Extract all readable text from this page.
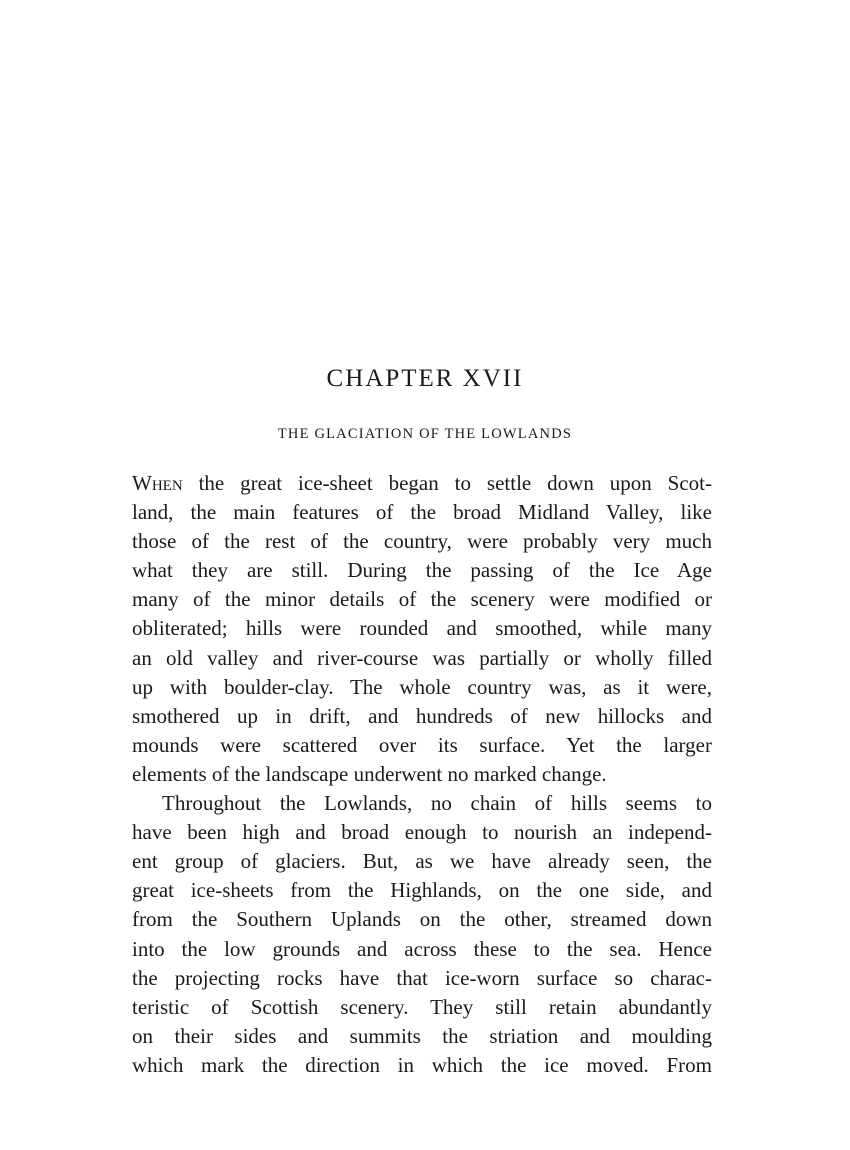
CHAPTER XVII
THE GLACIATION OF THE LOWLANDS
When the great ice-sheet began to settle down upon Scot-
land, the main features of the broad Midland Valley, like
those of the rest of the country, were probably very much
what they are still. During the passing of the Ice Age
many of the minor details of the scenery were modified or
obliterated; hills were rounded and smoothed, while many
an old valley and river-course was partially or wholly filled
up with boulder-clay. The whole country was, as it were,
smothered up in drift, and hundreds of new hillocks and
mounds were scattered over its surface. Yet the larger
elements of the landscape underwent no marked change.
Throughout the Lowlands, no chain of hills seems to
have been high and broad enough to nourish an independ-
ent group of glaciers. But, as we have already seen, the
great ice-sheets from the Highlands, on the one side, and
from the Southern Uplands on the other, streamed down
into the low grounds and across these to the sea. Hence
the projecting rocks have that ice-worn surface so charac-
teristic of Scottish scenery. They still retain abundantly
on their sides and summits the striation and moulding
which mark the direction in which the ice moved. From
